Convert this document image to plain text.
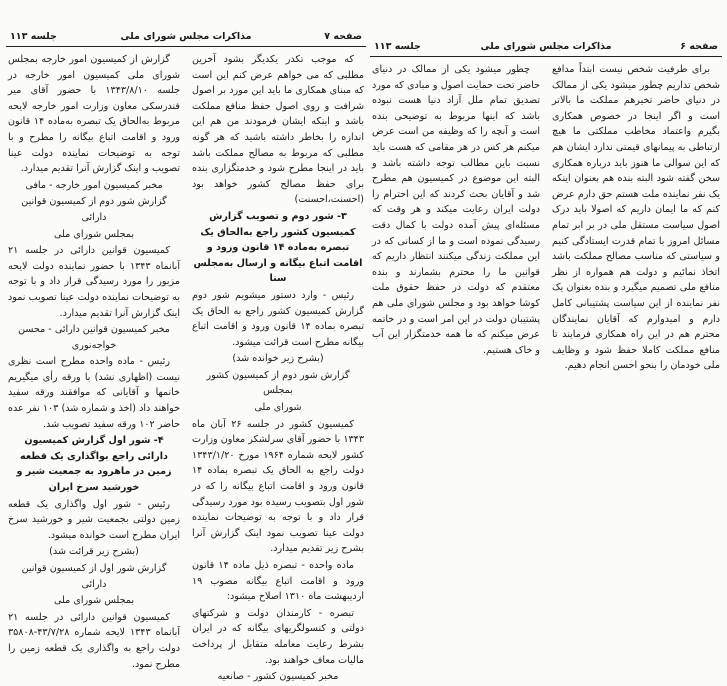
صفحه ۷
مذاکرات مجلس شورای ملی
جلسه ۱۱۳

که موجب تکدر یکدیگر بشود آخرین مطلبی که می خواهم عرض کنم این است که مبنای همکاری ما باید این مورد بر اصول شرافت و روی اصول حفظ منافع مملکت باشد و اینکه ایشان فرمودند من هم این اندازه را بخاطر داشته باشید که هر گونه مطلبی که مربوط به مصالح مملکت باشد باید در اینجا مطرح شود و خدمتگزاری بنده برای حفظ مصالح کشور خواهد بود (احسنت،احسنت)

۳- شور دوم و تصویب گزارش کمیسیون کشور راجع به‌الحاق یک تبصره به‌ماده ۱۴ قانون ورود و اقامت اتباع بیگانه و ارسال به‌مجلس سنا

رئیس - وارد دستور میشویم شور دوم گزارش کمیسیون کشور راجع به الحاق یک تبصره بماده ۱۴ قانون ورود و اقامت اتباع بیگانه مطرح است قرائت میشود.

(بشرح زیر خوانده شد)

گزارش شور دوم از کمیسیون کشور بمجلس

شورای ملی

کمیسیون کشور در جلسه ۲۶ آبان ماه ۱۳۴۳ با حضور آقای سرلشکر معاون وزارت کشور لایحه شماره ۱۹۶۴ مورخ ۱۳۴۳/۱/۲۰ دولت راجع به الحاق یک تبصره بماده ۱۴ قانون ورود و اقامت اتباع بیگانه را که در شور اول بتصویب رسیده بود مورد رسیدگی قرار داد و با توجه به توضیحات نماینده دولت عینا تصویب نمود اینک گزارش آنرا بشرح زیر تقدیم میدارد.

ماده واحده - تبصره ذیل ماده ۱۴ قانون ورود و اقامت اتباع بیگانه مصوب ۱۹ اردیبهشت ماه ۱۳۱۰ اصلاح میشود:

تبصره - کارمندان دولت و شرکتهای دولتی و کنسولگریهای بیگانه که در ایران بشرط رعایت معامله متقابل از پرداخت مالیات معاف خواهند بود.

مخبر کمیسیون کشور - صانعیه

گزارش از کمیسیون امور خارجه بمجلس شورای ملی کمیسیون امور خارجه در جلسه ۱۳۴۳/۸/۱۰ با حضور آقای میر فندرسکی معاون وزارت امور خارجه لایحه مربوط به‌الحاق یک تبصره به‌ماده ۱۴ قانون ورود و اقامت اتباع بیگانه را مطرح و با توجه به توضیحات نماینده دولت عینا تصویب و اینک گزارش آنرا تقدیم میدارد.

مخبر کمیسیون امور خارجه - مافی

گزارش شور دوم از کمیسیون قوانین دارائی

بمجلس شورای ملی

کمیسیون قوانین دارائی در جلسه ۲۱ آبانماه ۱۳۴۳ با حضور نماینده دولت لایحه مزبور را مورد رسیدگی قرار داد و با توجه به توضیحات نماینده دولت عینا تصویب نمود اینک گزارش آنرا تقدیم میدارد.

مخبر کمیسیون قوانین دارائی - محسن خواجه‌نوری

رئیس - ماده واحده مطرح است نظری نیست (اظهاری نشد) با ورقه رأی میگیریم خانمها و آقایانی که موافقند ورقه سفید خواهند داد (اخذ و شماره شد) ۱۰۳ نفر عده حاضر ۱۰۲ ورقه سفید تصویب شد.

۴- شور اول گزارش کمیسیون دارائی راجع بواگذاری یک قطعه زمین در ماهرود به جمعیت شیر و خورشید سرخ ایران

رئیس - شور اول واگذاری یک قطعه زمین دولتی بجمعیت شیر و خورشید سرخ ایران مطرح است خوانده میشود.

(بشرح زیر قرائت شد)

گزارش شور اول از کمیسیون قوانین دارائی

بمجلس شورای ملی

کمیسیون قوانین دارائی در جلسه ۲۱ آبانماه ۱۳۴۳ لایحه شماره ۴۳/۷/۲۸-۳۵۸۰۸ دولت راجع به واگذاری یک قطعه زمین را مطرح نمود.

صفحه ۶
مذاکرات مجلس شورای ملی
جلسه ۱۱۳

برای طرفیت شخص نیست ابتداً مدافع شخص تداریم چطور میشود یکی از ممالک در دنیای حاضر تخیرهم مملکت ما بالاتر است و اگر اینجا در خصوص همکاری بگیرم واعتماد مخاطب مملکتی ما هیچ ارتباطی به پیمانهای قیمتی ندارد ایشان هم که این سوالی ما هنوز باید درباره همکاری سخن گفته شود البته بنده هم بعنوان اینکه یک نفر نماینده ملت هستم حق دارم عرض کنم که ما ایمان داریم که اصولا باید درک اصول سیاست مستقل ملی در بر ابر تمام مسائل امروز با تمام قدرت ایستادگی کنیم و سیاستی که مناسب مصالح مملکت باشد اتخاذ نمائیم و دولت هم همواره از نظر منافع ملی تصمیم میگیرد و بنده بعنوان یک نفر نماینده از این سیاست پشتیبانی کامل دارم و امیدوارم که آقایان نمایندگان محترم هم در این راه همکاری فرمایند تا منافع مملکت کاملا حفظ شود و وظایف ملی خودمان را بنحو احسن انجام دهیم.

چطور میشود یکی از ممالک در دنیای حاضر تحت حمایت اصول و مبادی که مورد تصدیق تمام ملل آزاد دنیا هست نبوده باشد که اینها مربوط به توضیحی بنده است و آنچه را که وظیفه من است عرض میکنم هر کس در هر مقامی که هست باید نسبت باین مطالب توجه داشته باشد و البته این موضوع در کمیسیون هم مطرح شد و آقایان بحث کردند که این احترام را دولت ایران رعایت میکند و هر وقت که مسئله‌ای پیش آمده دولت با کمال دقت رسیدگی نموده است و ما از کسانی که در این مملکت زندگی میکنند انتظار داریم که قوانین ما را محترم بشمارند و بنده معتقدم که دولت در حفظ حقوق ملت کوشا خواهد بود و مجلس شورای ملی هم پشتیبان دولت در این امر است و در خاتمه عرض میکنم که ما همه خدمتگزار این آب و خاک هستیم.
